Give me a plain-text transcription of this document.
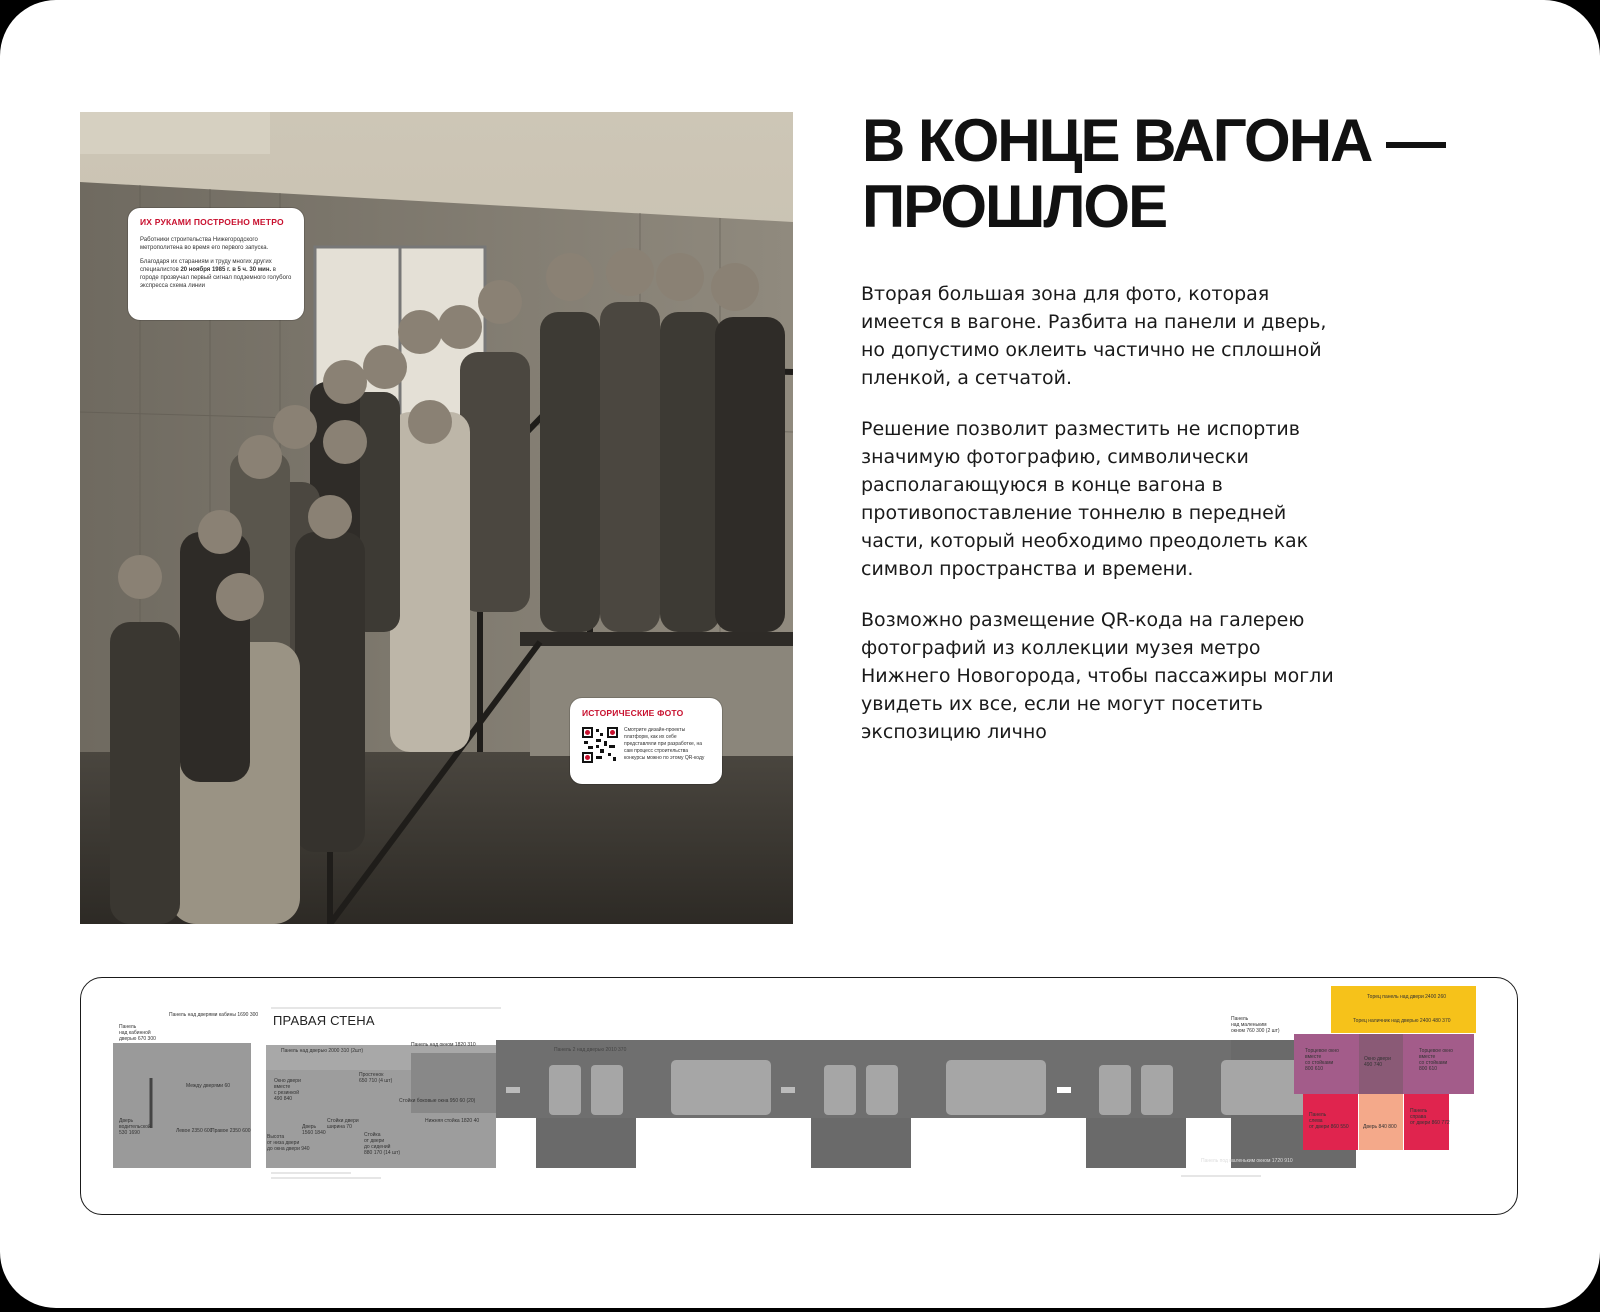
ИХ РУКАМИ ПОСТРОЕНО МЕТРО

Работники строительства Нижегородского метрополитена во время его первого запуска.

Благодаря их стараниям и труду многих других специалистов 20 ноября 1985 г. в 5 ч. 30 мин. в городе прозвучал первый сигнал подземного голубого экспресса схема линии

ИСТОРИЧЕСКИЕ ФОТО

Смотрите дизайн-проекты платформ, как их себе представляли при разработке, на сам процесс строительства конкурсы можно по этому QR-коду

В КОНЦЕ ВАГОНА —
ПРОШЛОЕ

Вторая большая зона для фото, которая имеется в вагоне. Разбита на панели и дверь, но допустимо оклеить частично не сплошной пленкой, а сетчатой.

Решение позволит разместить не испортив значимую фотографию, символически располагающуюся в конце вагона в противопоставление тоннелю в передней части, который необходимо преодолеть как символ пространства и времени.

Возможно размещение QR-кода на галерею фотографий из коллекции музея метро Нижнего Новогорода, чтобы пассажиры могли увидеть их все, если не могут посетить экспозицию лично

ПРАВАЯ СТЕНА
Панель над дверями кабины 1690 300
Панель
над кабинной
дверью 670 300
Между дверями 60
Дверь
водительской
530 1690	Левое 2350 600
Правое 2350 600
Панель над дверью 2000 310 (2шт)
Окно двери
вместе
с резинкой
490 840
Простенок
650 710 (4 шт)
Стойки боковые окна 950 60 (20)
Дверь
1560 1840
Стойки двери
ширина 70
Высота
от низа двери
до окна двери 940
Стойка
от двери
до сидений
880 170 (14 шт)
Нижняя стойка 1820 40
Панель над окном 1820 310
Панель 2 над дверью 2010 370
Панель
над маленьким
окном 760 300 (2 шт)
Панель под маленьким окном 1720 910
Торец панель над двери 2400 260
Торец наличник над дверью 2400 480 370
Торцевое окно
вместе
со стойками
800 610
Торцевое окно
вместе
со стойками
800 610
Окно двери
490 740
Панель
слева
от двери 860 550
Панель
справа
от двери 860 772
Дверь 840 800
